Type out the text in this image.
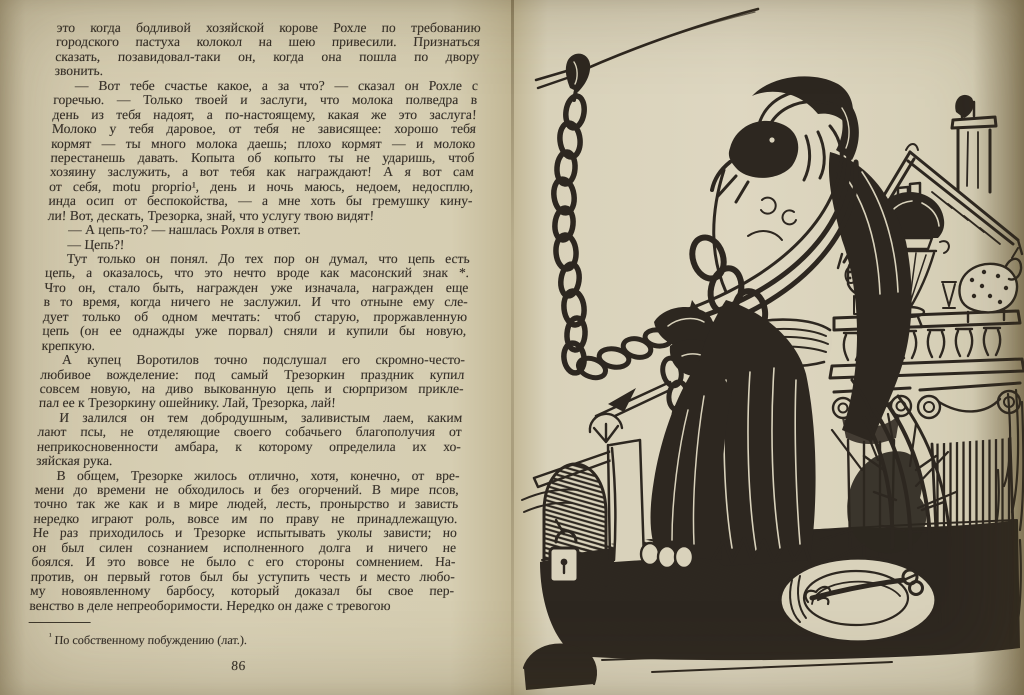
это когда бодливой хозяйской корове Рохле по требованию
городского пастуха колокол на шею привесили. Признаться
сказать, позавидовал-таки он, когда она пошла по двору
звонить.
— Вот тебе счастье какое, а за что? — сказал он Рохле с
горечью. — Только твоей и заслуги, что молока полведра в
день из тебя надоят, а по-настоящему, какая же это заслуга!
Молоко у тебя даровое, от тебя не зависящее: хорошо тебя
кормят — ты много молока даешь; плохо кормят — и молоко
перестанешь давать. Копыта об копыто ты не ударишь, чтоб
хозяину заслужить, а вот тебя как награждают! А я вот сам
от себя, motu proprio¹, день и ночь маюсь, недоем, недосплю,
инда осип от беспокойства, — а мне хоть бы гремушку кину-
ли! Вот, дескать, Трезорка, знай, что услугу твою видят!
— А цепь-то? — нашлась Рохля в ответ.
— Цепь?!
Тут только он понял. До тех пор он думал, что цепь есть
цепь, а оказалось, что это нечто вроде как масонский знак *.
Что он, стало быть, награжден уже изначала, награжден еще
в то время, когда ничего не заслужил. И что отныне ему сле-
дует только об одном мечтать: чтоб старую, проржавленную
цепь (он ее однажды уже порвал) сняли и купили бы новую,
крепкую.
А купец Воротилов точно подслушал его скромно-често-
любивое вожделение: под самый Трезоркин праздник купил
совсем новую, на диво выкованную цепь и сюрпризом прикле-
пал ее к Трезоркину ошейнику. Лай, Трезорка, лай!
И залился он тем добродушным, заливистым лаем, каким
лают псы, не отделяющие своего собачьего благополучия от
неприкосновенности амбара, к которому определила их хо-
зяйская рука.
В общем, Трезорке жилось отлично, хотя, конечно, от вре-
мени до времени не обходилось и без огорчений. В мире псов,
точно так же как и в мире людей, лесть, пронырство и зависть
нередко играют роль, вовсе им по праву не принадлежащую.
Не раз приходилось и Трезорке испытывать уколы зависти; но
он был силен сознанием исполненного долга и ничего не
боялся. И это вовсе не было с его стороны сомнением. На-
против, он первый готов был бы уступить честь и место любо-
му новоявленному барбосу, который доказал бы свое пер-
венство в деле непреоборимости. Нередко он даже с тревогою
$^{^1}$ По собственному побуждению (лат.).
86
